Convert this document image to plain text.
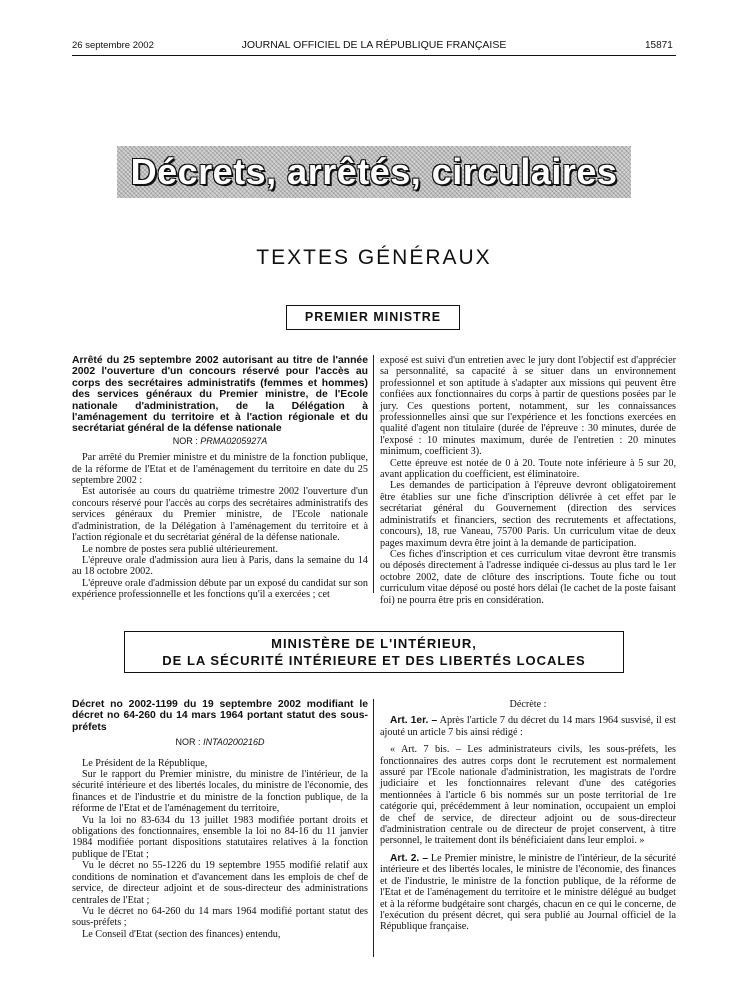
26 septembre 2002	JOURNAL OFFICIEL DE LA RÉPUBLIQUE FRANÇAISE	15871
Décrets, arrêtés, circulaires
TEXTES GÉNÉRAUX
PREMIER MINISTRE

Arrêté du 25 septembre 2002 autorisant au titre de l'année 2002 l'ouverture d'un concours réservé pour l'accès au corps des secrétaires administratifs (femmes et hommes) des services généraux du Premier ministre, de l'Ecole nationale d'administration, de la Délégation à l'aménagement du territoire et à l'action régionale et du secrétariat général de la défense nationale

NOR : PRMA0205927A

Par arrêté du Premier ministre et du ministre de la fonction publique, de la réforme de l'Etat et de l'aménagement du territoire en date du 25 septembre 2002 :

Est autorisée au cours du quatrième trimestre 2002 l'ouverture d'un concours réservé pour l'accès au corps des secrétaires administratifs des services généraux du Premier ministre, de l'Ecole nationale d'administration, de la Délégation à l'aménagement du territoire et à l'action régionale et du secrétariat général de la défense nationale.

Le nombre de postes sera publié ultérieurement.

L'épreuve orale d'admission aura lieu à Paris, dans la semaine du 14 au 18 octobre 2002.

L'épreuve orale d'admission débute par un exposé du candidat sur son expérience professionnelle et les fonctions qu'il a exercées ; cet

exposé est suivi d'un entretien avec le jury dont l'objectif est d'apprécier sa personnalité, sa capacité à se situer dans un environnement professionnel et son aptitude à s'adapter aux missions qui peuvent être confiées aux fonctionnaires du corps à partir de questions posées par le jury. Ces questions portent, notamment, sur les connaissances professionnelles ainsi que sur l'expérience et les fonctions exercées en qualité d'agent non titulaire (durée de l'épreuve : 30 minutes, durée de l'exposé : 10 minutes maximum, durée de l'entretien : 20 minutes minimum, coefficient 3).

Cette épreuve est notée de 0 à 20. Toute note inférieure à 5 sur 20, avant application du coefficient, est éliminatoire.

Les demandes de participation à l'épreuve devront obligatoirement être établies sur une fiche d'inscription délivrée à cet effet par le secrétariat général du Gouvernement (direction des services administratifs et financiers, section des recrutements et affectations, concours), 18, rue Vaneau, 75700 Paris. Un curriculum vitae de deux pages maximum devra être joint à la demande de participation.

Ces fiches d'inscription et ces curriculum vitae devront être transmis ou déposés directement à l'adresse indiquée ci-dessus au plus tard le 1er octobre 2002, date de clôture des inscriptions. Toute fiche ou tout curriculum vitae déposé ou posté hors délai (le cachet de la poste faisant foi) ne pourra être pris en considération.

MINISTÈRE DE L'INTÉRIEUR,
DE LA SÉCURITÉ INTÉRIEURE ET DES LIBERTÉS LOCALES

Décret no 2002-1199 du 19 septembre 2002 modifiant le décret no 64-260 du 14 mars 1964 portant statut des sous-préfets

NOR : INTA0200216D

Le Président de la République,

Sur le rapport du Premier ministre, du ministre de l'intérieur, de la sécurité intérieure et des libertés locales, du ministre de l'économie, des finances et de l'industrie et du ministre de la fonction publique, de la réforme de l'Etat et de l'aménagement du territoire,

Vu la loi no 83-634 du 13 juillet 1983 modifiée portant droits et obligations des fonctionnaires, ensemble la loi no 84-16 du 11 janvier 1984 modifiée portant dispositions statutaires relatives à la fonction publique de l'Etat ;

Vu le décret no 55-1226 du 19 septembre 1955 modifié relatif aux conditions de nomination et d'avancement dans les emplois de chef de service, de directeur adjoint et de sous-directeur des administrations centrales de l'Etat ;

Vu le décret no 64-260 du 14 mars 1964 modifié portant statut des sous-préfets ;

Le Conseil d'Etat (section des finances) entendu,

Décrète :

Art. 1er. – Après l'article 7 du décret du 14 mars 1964 susvisé, il est ajouté un article 7 bis ainsi rédigé :

« Art. 7 bis. – Les administrateurs civils, les sous-préfets, les fonctionnaires des autres corps dont le recrutement est normalement assuré par l'Ecole nationale d'administration, les magistrats de l'ordre judiciaire et les fonctionnaires relevant d'une des catégories mentionnées à l'article 6 bis nommés sur un poste territorial de 1re catégorie qui, précédemment à leur nomination, occupaient un emploi de chef de service, de directeur adjoint ou de sous-directeur d'administration centrale ou de directeur de projet conservent, à titre personnel, le traitement dont ils bénéficiaient dans leur emploi. »

Art. 2. – Le Premier ministre, le ministre de l'intérieur, de la sécurité intérieure et des libertés locales, le ministre de l'économie, des finances et de l'industrie, le ministre de la fonction publique, de la réforme de l'Etat et de l'aménagement du territoire et le ministre délégué au budget et à la réforme budgétaire sont chargés, chacun en ce qui le concerne, de l'exécution du présent décret, qui sera publié au Journal officiel de la République française.
